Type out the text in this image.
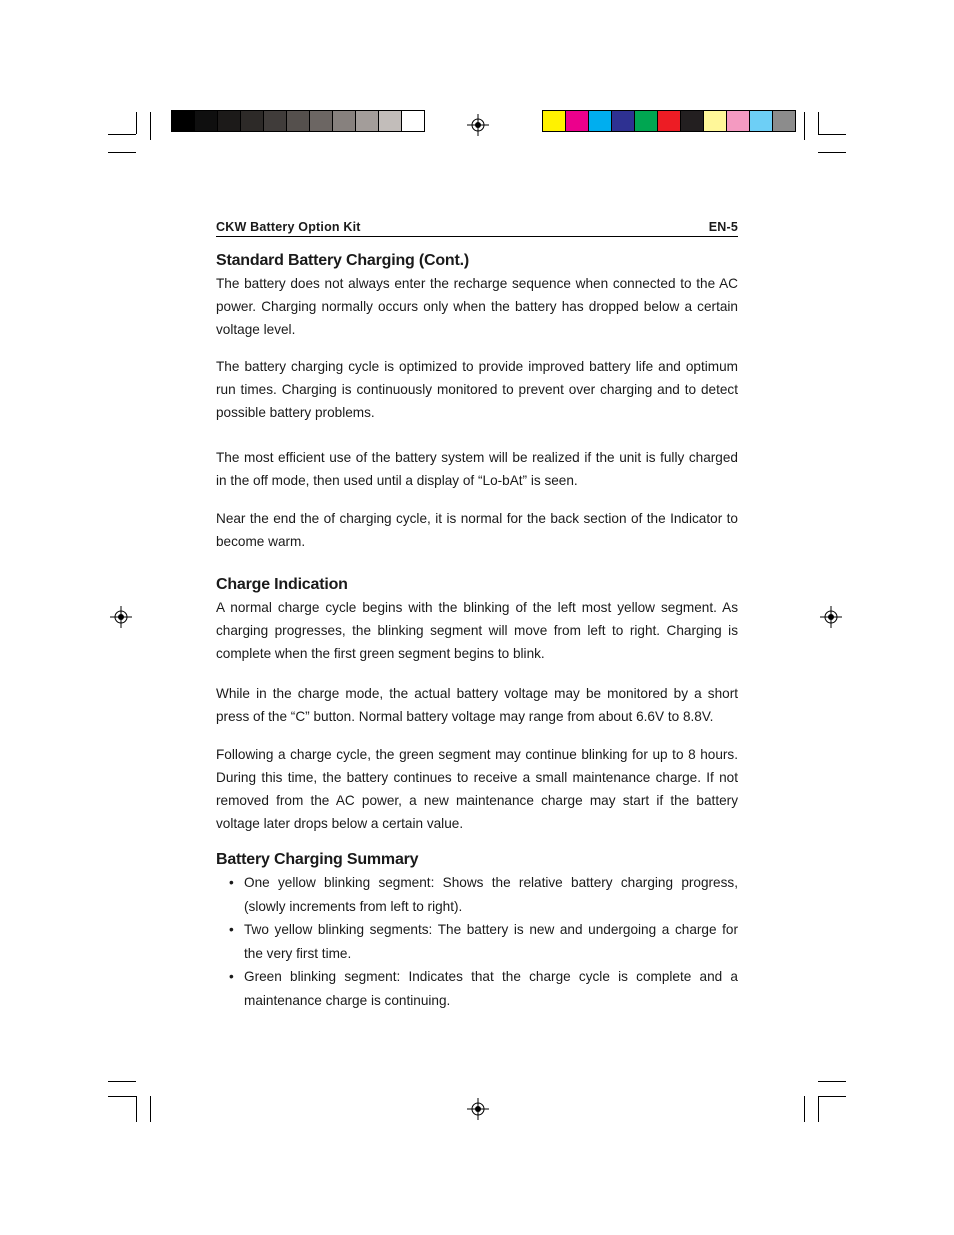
CKW Battery Option Kit	EN-5
Standard Battery Charging (Cont.)

The battery does not always enter the recharge sequence when connected to the AC power. Charging normally occurs only when the battery has dropped below a certain voltage level.

The battery charging cycle is optimized to provide improved battery life and optimum run times. Charging is continuously monitored to prevent over charging and to detect possible battery problems.

The most efficient use of the battery system will be realized if the unit is fully charged in the off mode, then used until a display of “Lo-bAt” is seen.

Near the end the of charging cycle, it is normal for the back section of the Indicator to become warm.

Charge Indication

A normal charge cycle begins with the blinking of the left most yellow segment. As charging progresses, the blinking segment will move from left to right. Charging is complete when the first green segment begins to blink.

While in the charge mode, the actual battery voltage may be monitored by a short press of the “C” button. Normal battery voltage may range from about 6.6V to 8.8V.

Following a charge cycle, the green segment may continue blinking for up to 8 hours. During this time, the battery continues to receive a small maintenance charge. If not removed from the AC power, a new maintenance charge may start if the battery voltage later drops below a certain value.

Battery Charging Summary
• One yellow blinking segment: Shows the relative battery charging progress, (slowly increments from left to right).
• Two yellow blinking segments: The battery is new and undergoing a charge for the very first time.
• Green blinking segment: Indicates that the charge cycle is complete and a maintenance charge is continuing.
